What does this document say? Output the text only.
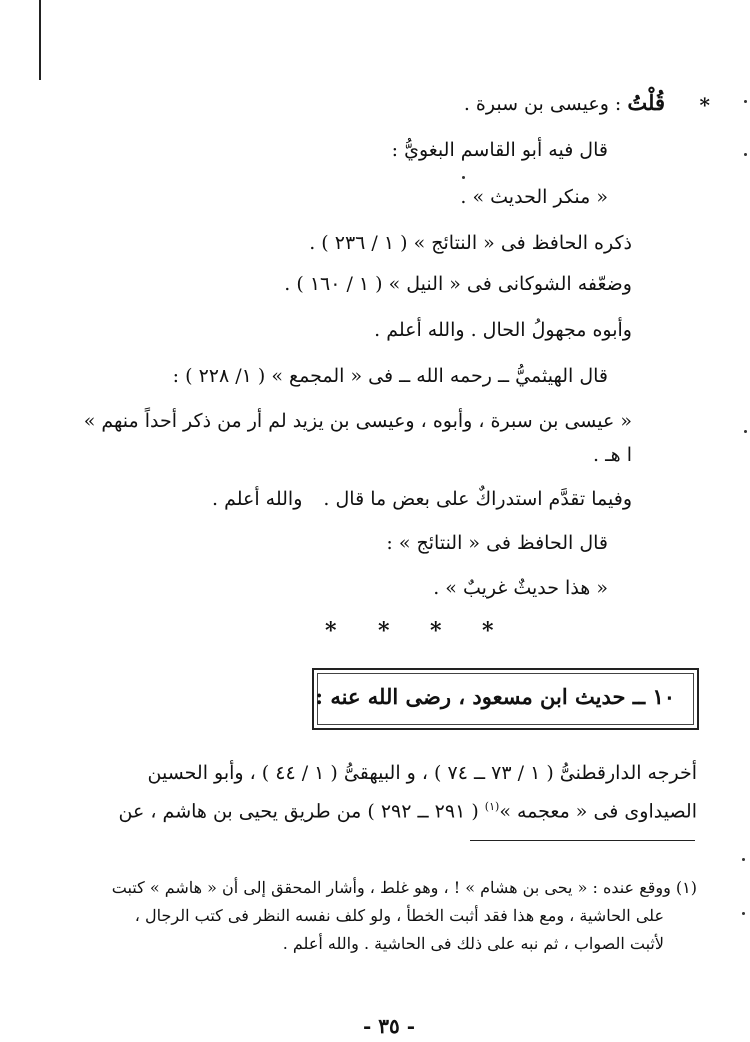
*
قُلْتُ : وعيسى بن سبرة .
قال فيه أبو القاسم البغويُّ :
« منكر الحديث » .
ذكره الحافظ فى « النتائج » ( ١ / ٢٣٦ ) .
وضعّفه الشوكانى فى « النيل » ( ١ / ١٦٠ ) .
وأبوه مجهولُ الحال . والله أعلم .
قال الهيثميُّ ــ رحمه الله ــ فى « المجمع » ( ١/ ٢٢٨ ) :
« عيسى بن سبرة ، وأبوه ، وعيسى بن يزيد لم أر من ذكر أحداً منهم »
ا هـ .
وفيما تقدَّم استدراكٌ على بعض ما قال .
والله أعلم .
قال الحافظ فى « النتائج » :
« هذا حديثٌ غريبٌ » .
* * * *
١٠ ــ حديث ابن مسعود ، رضى الله عنه :
أخرجه الدارقطنىُّ ( ١ / ٧٣ ــ ٧٤ ) ، و البيهقىُّ ( ١ / ٤٤ ) ، وأبو الحسين
الصيداوى فى « معجمه »$^{(١)}$ ( ٢٩١ ــ ٢٩٢ ) من طريق يحيى بن هاشم ، عن
(١) ووقع عنده : « يحى بن هشام » ! ، وهو غلط ، وأشار المحقق إلى أن « هاشم » كتبت
على الحاشية ، ومع هذا فقد أثبت الخطأ ، ولو كلف نفسه النظر فى كتب الرجال ،
لأثبت الصواب ، ثم نبه على ذلك فى الحاشية . والله أعلم .
- ٣٥ -
